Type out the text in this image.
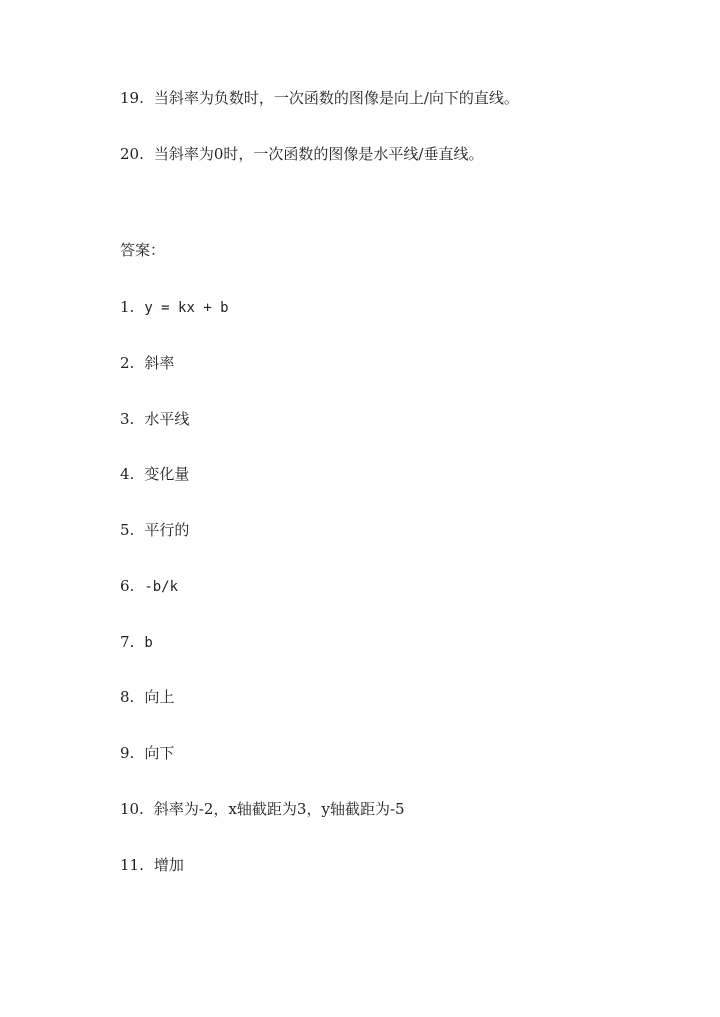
19. 当斜率为负数时，一次函数的图像是向上/向下的直线。
20. 当斜率为0时，一次函数的图像是水平线/垂直线。
答案：
1. y = kx + b
2. 斜率
3. 水平线
4. 变化量
5. 平行的
6. -b/k
7. b
8. 向上
9. 向下
10. 斜率为-2，x轴截距为3，y轴截距为-5
11. 增加
